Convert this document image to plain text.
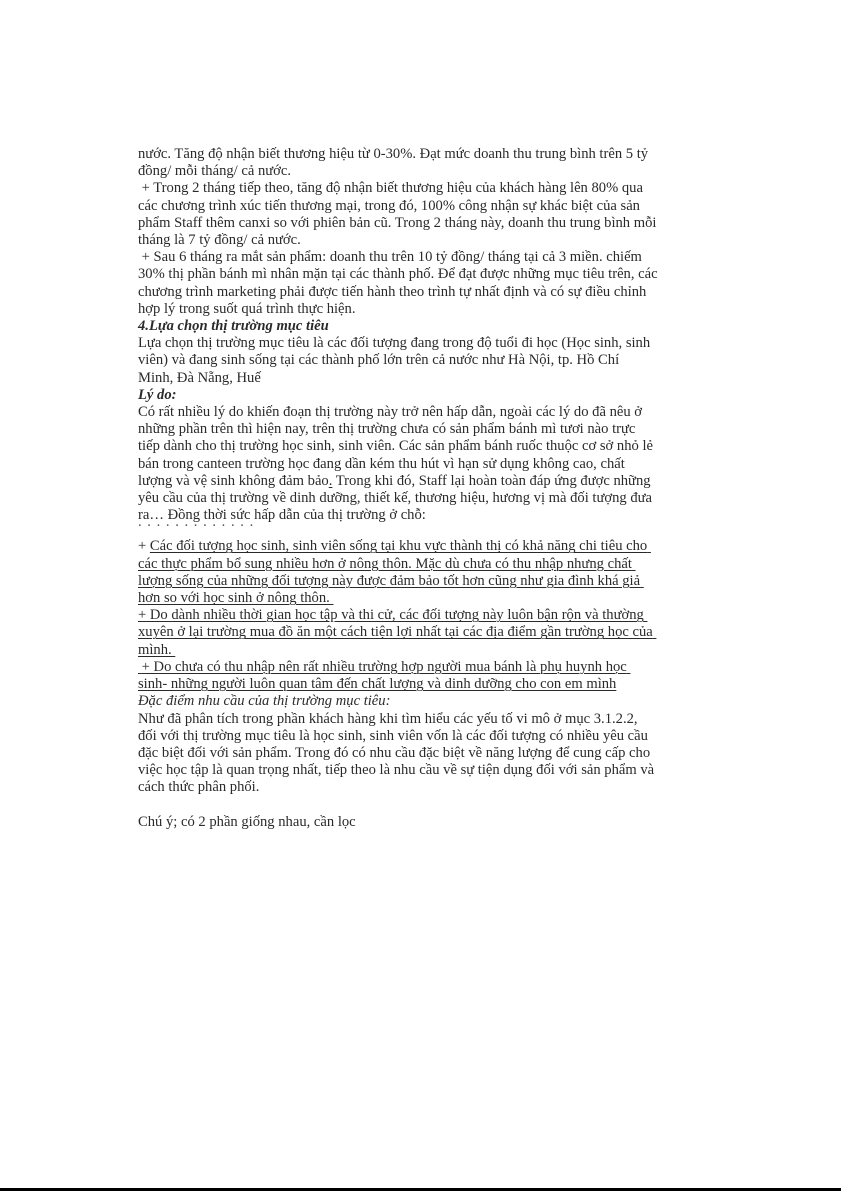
nước. Tăng độ nhận biết thương hiệu từ 0-30%. Đạt mức doanh thu trung bình trên 5 tỷ đồng/ mỗi tháng/ cả nước.

+ Trong 2 tháng tiếp theo, tăng độ nhận biết thương hiệu của khách hàng lên 80% qua các chương trình xúc tiến thương mại, trong đó, 100% công nhận sự khác biệt của sản phẩm Staff thêm canxi so với phiên bản cũ. Trong 2 tháng này, doanh thu trung bình mỗi tháng là 7 tỷ đồng/ cả nước.

+ Sau 6 tháng ra mắt sản phẩm: doanh thu trên 10 tỷ đồng/ tháng tại cả 3 miền. chiếm 30% thị phần bánh mì nhân mặn tại các thành phố. Để đạt được những mục tiêu trên, các chương trình marketing phải được tiến hành theo trình tự nhất định và có sự điều chỉnh hợp lý trong suốt quá trình thực hiện.

4.Lựa chọn thị trường mục tiêu

Lựa chọn thị trường mục tiêu là các đối tượng đang trong độ tuổi đi học (Học sinh, sinh viên) và đang sinh sống tại các thành phố lớn trên cả nước như Hà Nội, tp. Hồ Chí Minh, Đà Nẵng, Huế

Lý do:

Có rất nhiều lý do khiến đoạn thị trường này trở nên hấp dẫn, ngoài các lý do đã nêu ở những phần trên thì hiện nay, trên thị trường chưa có sản phẩm bánh mì tươi nào trực tiếp dành cho thị trường học sinh, sinh viên. Các sản phẩm bánh ruốc thuộc cơ sở nhỏ lẻ bán trong canteen trường học đang dần kém thu hút vì hạn sử dụng không cao, chất lượng và vệ sinh không đảm bảo. Trong khi đó, Staff lại hoàn toàn đáp ứng được những yêu cầu của thị trường về dinh dưỡng, thiết kế, thương hiệu, hương vị mà đối tượng đưa ra… Đồng thời sức hấp dẫn của thị trường ở chỗ:

+ Các đối tượng học sinh, sinh viên sống tại khu vực thành thị có khả năng chi tiêu cho các thực phẩm bổ sung nhiều hơn ở nông thôn. Mặc dù chưa có thu nhập nhưng chất lượng sống của những đối tượng này được đảm bảo tốt hơn cũng như gia đình khá giả hơn so với học sinh ở nông thôn.

+ Do dành nhiều thời gian học tập và thi cử, các đối tượng này luôn bận rộn và thường xuyên ở lại trường mua đồ ăn một cách tiện lợi nhất tại các địa điểm gần trường học của mình.

+ Do chưa có thu nhập nên rất nhiều trường hợp người mua bánh là phụ huynh học sinh- những người luôn quan tâm đến chất lượng và dinh dưỡng cho con em mình

Đặc điểm nhu cầu của thị trường mục tiêu:

Như đã phân tích trong phần khách hàng khi tìm hiểu các yếu tố vi mô ở mục 3.1.2.2, đối với thị trường mục tiêu là học sinh, sinh viên vốn là các đối tượng có nhiều yêu cầu đặc biệt đối với sản phẩm. Trong đó có nhu cầu đặc biệt về năng lượng để cung cấp cho việc học tập là quan trọng nhất, tiếp theo là nhu cầu về sự tiện dụng đối với sản phẩm và cách thức phân phối.

Chú ý; có 2 phần giống nhau, cần lọc
